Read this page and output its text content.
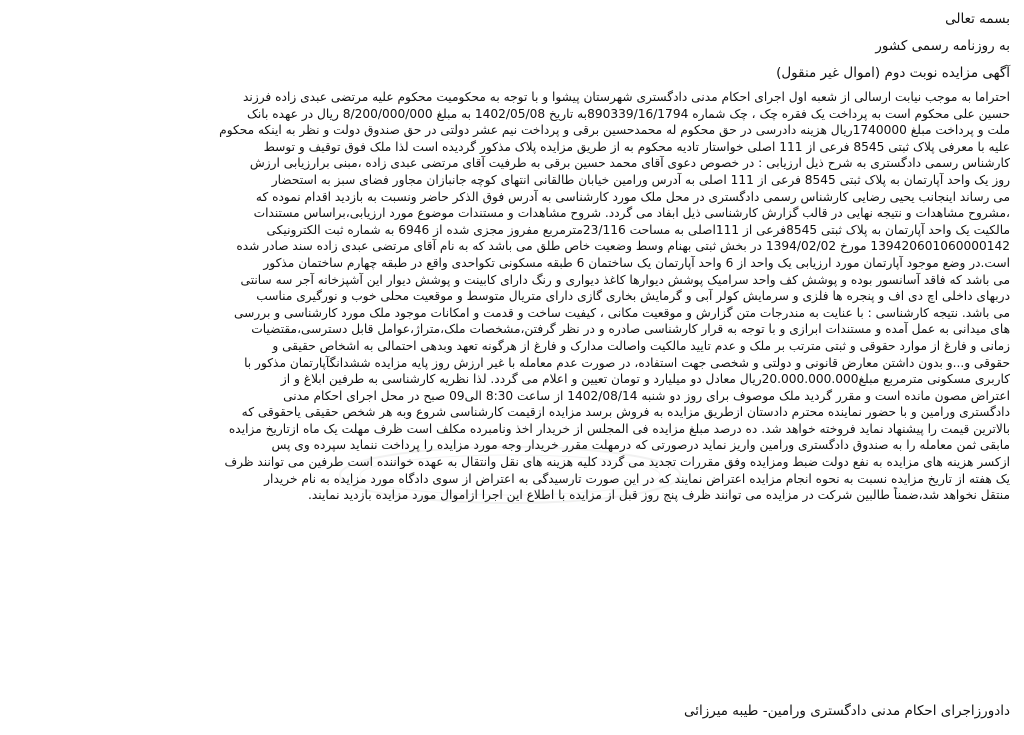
بسمه تعالی
به روزنامه رسمی کشور
آگهی مزایده نوبت دوم (اموال غیر منقول)
احتراما به موجب نیابت ارسالی از شعبه اول اجرای احکام مدنی دادگستری شهرستان پیشوا و با توجه به محکومیت محکوم علیه مرتضی عبدی زاده فرزند
حسین علی محکوم است به پرداخت یک فقره چک ، چک شماره 890339/16/1794به تاریخ 1402/05/08 به مبلغ 8/200/000/000 ریال در عهده بانک
ملت و پرداخت مبلغ 1740000ریال هزینه دادرسی در حق محکوم له محمدحسین برقی و پرداخت نیم عشر دولتی در حق صندوق دولت و نظر به اینکه محکوم
علیه با معرفی پلاک ثبتی 8545 فرعی از 111 اصلی خواستار تادیه محکوم به از طریق مزایده پلاک مذکور گردیده است لذا ملک فوق توقیف و توسط
کارشناس رسمی دادگستری به شرح ذیل ارزیابی : در خصوص دعوی آقای محمد حسین برقی به طرفیت آقای مرتضی عبدی زاده ،مبنی برارزیابی ارزش
روز یک واحد آپارتمان به پلاک ثبتی 8545 فرعی از 111 اصلی به آدرس ورامین خیابان طالقانی انتهای کوچه جانبازان مجاور فضای سبز به استحضار
می رساند اینجانب یحیی رضایی کارشناس رسمی دادگستری در محل ملک مورد کارشناسی به آدرس فوق الذکر حاضر ونسبت به بازدید اقدام نموده که
،مشروح مشاهدات و نتیجه نهایی در قالب گزارش کارشناسی ذیل ابفاد می گردد. شروح مشاهدات و مستندات موضوع مورد ارزیابی،براساس مستندات
مالکیت یک واحد آپارتمان به پلاک ثبتی 8545فرعی از 111اصلی به مساحت 23/116مترمربع مفروز مجزی شده از 6946 به شماره ثبت الکترونیکی
139420601060000142 مورخ 1394/02/02 در بخش ثبتی بهنام وسط وضعیت خاص طلق می باشد که به نام آقای مرتضی عبدی زاده سند صادر شده
است.در وضع موجود آپارتمان مورد ارزیابی یک واحد از 6 واحد آپارتمان یک ساختمان 6 طبقه مسکونی تکواحدی واقع در طبقه چهارم ساختمان مذکور
می باشد که فاقد آسانسور بوده و پوشش کف واحد سرامیک پوشش دیوارها کاغذ دیواری و رنگ دارای کابینت و پوشش دیوار این آشپزخانه آجر سه سانتی
دربهای داخلی اچ دی اف و پنجره ها فلزی و سرمایش کولر آبی و گرمایش بخاری گازی دارای متریال متوسط و موقعیت محلی خوب و نورگیری مناسب
می باشد. نتیجه کارشناسی : با عنایت به مندرجات متن گزارش و موقعیت مکانی ، کیفیت ساخت و قدمت و امکانات موجود ملک مورد کارشناسی و بررسی
های میدانی به عمل آمده و مستندات ابرازی و با توجه به قرار کارشناسی صادره و در نظر گرفتن،مشخصات ملک،متراژ،عوامل قابل دسترسی،مقتضیات
زمانی و فارغ از موارد حقوقی و ثبتی مترتب بر ملک و عدم تایید مالکیت واصالت مدارک و فارغ از هرگونه تعهد وبدهی احتمالی به اشخاص حقیقی و
حقوقی و...و بدون داشتن معارض قانونی و دولتی و شخصی جهت استفاده، در صورت عدم معامله با غیر ارزش روز پایه مزایده ششدانگآپارتمان مذکور با
کاربری مسکونی مترمربع مبلغ20.000.000.000ریال معادل دو میلیارد و تومان تعیین و اعلام می گردد. لذا نظریه کارشناسی به طرفین ابلاغ و از
اعتراض مصون مانده است و مقرر گردید ملک موصوف برای روز دو شنبه 1402/08/14 از ساعت 8:30 الی09 صبح در محل اجرای احکام مدنی
دادگستری ورامین و با حضور نماینده محترم دادستان ازطریق مزایده به فروش برسد مزایده ازقیمت کارشناسی شروع وبه هر شخص حقیقی یاحقوقی که
بالاترین قیمت را پیشنهاد نماید فروخته خواهد شد. ده درصد مبلغ مزایده فی المجلس از خریدار اخذ ونامبرده مکلف است ظرف مهلت یک ماه ازتاریخ مزایده
مابقی ثمن معامله را به صندوق دادگستری ورامین واریز نماید درصورتی که درمهلت مقرر خریدار وجه مورد مزایده را پرداخت ننماید سپرده وی پس
ازکسر هزینه های مزایده به نفع دولت ضبط ومزایده وفق مقررات تجدید می گردد کلیه هزینه های نقل وانتقال به عهده خواننده است طرفین می توانند ظرف
یک هفته از تاریخ مزایده نسبت به نحوه انجام مزایده اعتراض نمایند که در این صورت تارسیدگی به اعتراض از سوی دادگاه مورد مزایده به نام خریدار
منتقل نخواهد شد،ضمناً طالبین شرکت در مزایده می توانند ظرف پنج روز قبل از مزایده با اطلاع این اجرا ازاموال مورد مزایده بازدید نمایند.
دادورزاجرای احکام مدنی دادگستری ورامین- طیبه میرزائی
